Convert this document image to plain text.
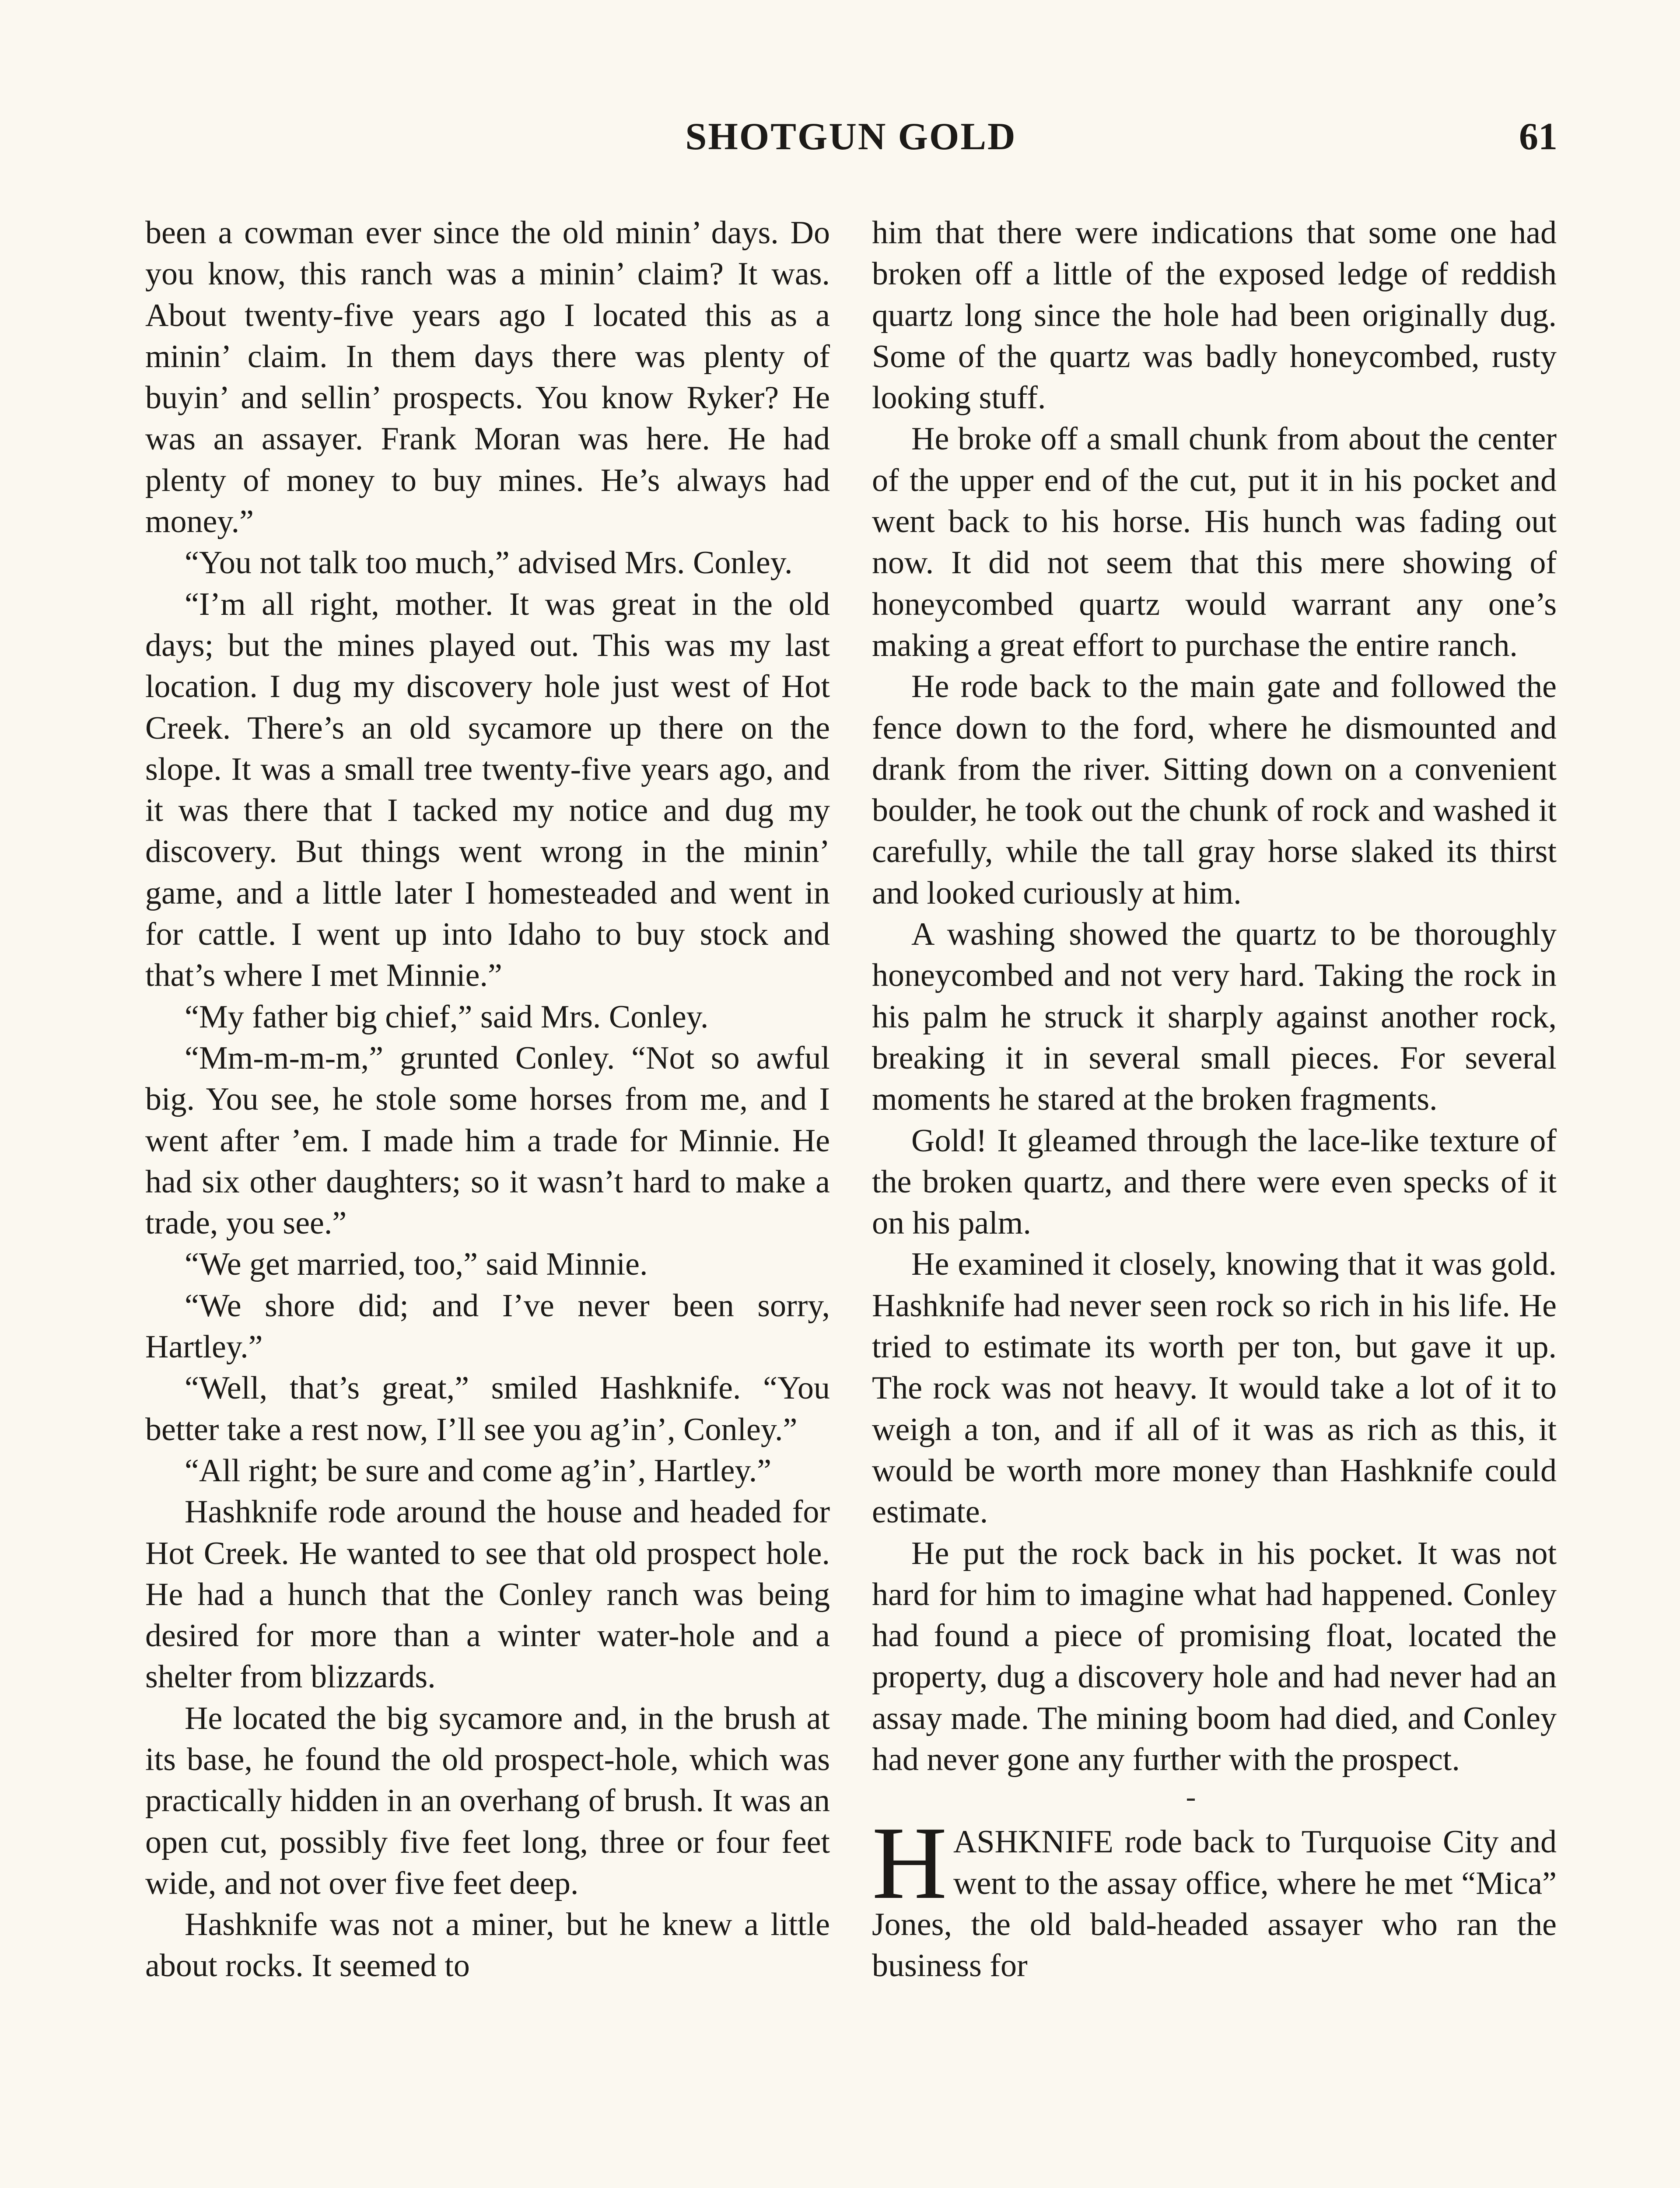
SHOTGUN GOLD	61

been a cowman ever since the old minin’ days. Do you know, this ranch was a minin’ claim? It was. About twenty-five years ago I located this as a minin’ claim. In them days there was plenty of buyin’ and sellin’ prospects. You know Ryker? He was an assayer. Frank Moran was here. He had plenty of money to buy mines. He’s always had money.”

“You not talk too much,” advised Mrs. Conley.

“I’m all right, mother. It was great in the old days; but the mines played out. This was my last location. I dug my discovery hole just west of Hot Creek. There’s an old sycamore up there on the slope. It was a small tree twenty-five years ago, and it was there that I tacked my notice and dug my discovery. But things went wrong in the minin’ game, and a little later I homesteaded and went in for cattle. I went up into Idaho to buy stock and that’s where I met Minnie.”

“My father big chief,” said Mrs. Conley.

“Mm-m-m-m,” grunted Conley. “Not so awful big. You see, he stole some horses from me, and I went after ’em. I made him a trade for Minnie. He had six other daughters; so it wasn’t hard to make a trade, you see.”

“We get married, too,” said Minnie.

“We shore did; and I’ve never been sorry, Hartley.”

“Well, that’s great,” smiled Hashknife. “You better take a rest now, I’ll see you ag’in’, Conley.”

“All right; be sure and come ag’in’, Hartley.”

Hashknife rode around the house and headed for Hot Creek. He wanted to see that old prospect hole. He had a hunch that the Conley ranch was being desired for more than a winter water-hole and a shelter from blizzards.

He located the big sycamore and, in the brush at its base, he found the old prospect-hole, which was practically hidden in an overhang of brush. It was an open cut, possibly five feet long, three or four feet wide, and not over five feet deep.

Hashknife was not a miner, but he knew a little about rocks. It seemed to

him that there were indications that some one had broken off a little of the exposed ledge of reddish quartz long since the hole had been originally dug. Some of the quartz was badly honeycombed, rusty looking stuff.

He broke off a small chunk from about the center of the upper end of the cut, put it in his pocket and went back to his horse. His hunch was fading out now. It did not seem that this mere showing of honeycombed quartz would warrant any one’s making a great effort to purchase the entire ranch.

He rode back to the main gate and followed the fence down to the ford, where he dismounted and drank from the river. Sitting down on a convenient boulder, he took out the chunk of rock and washed it carefully, while the tall gray horse slaked its thirst and looked curiously at him.

A washing showed the quartz to be thoroughly honeycombed and not very hard. Taking the rock in his palm he struck it sharply against another rock, breaking it in several small pieces. For several moments he stared at the broken fragments.

Gold! It gleamed through the lace-like texture of the broken quartz, and there were even specks of it on his palm.

He examined it closely, knowing that it was gold. Hashknife had never seen rock so rich in his life. He tried to estimate its worth per ton, but gave it up. The rock was not heavy. It would take a lot of it to weigh a ton, and if all of it was as rich as this, it would be worth more money than Hashknife could estimate.

He put the rock back in his pocket. It was not hard for him to imagine what had happened. Conley had found a piece of promising float, located the property, dug a discovery hole and had never had an assay made. The mining boom had died, and Conley had never gone any further with the prospect.

HASHKNIFE rode back to Turquoise City and went to the assay office, where he met “Mica” Jones, the old bald-headed assayer who ran the business for
